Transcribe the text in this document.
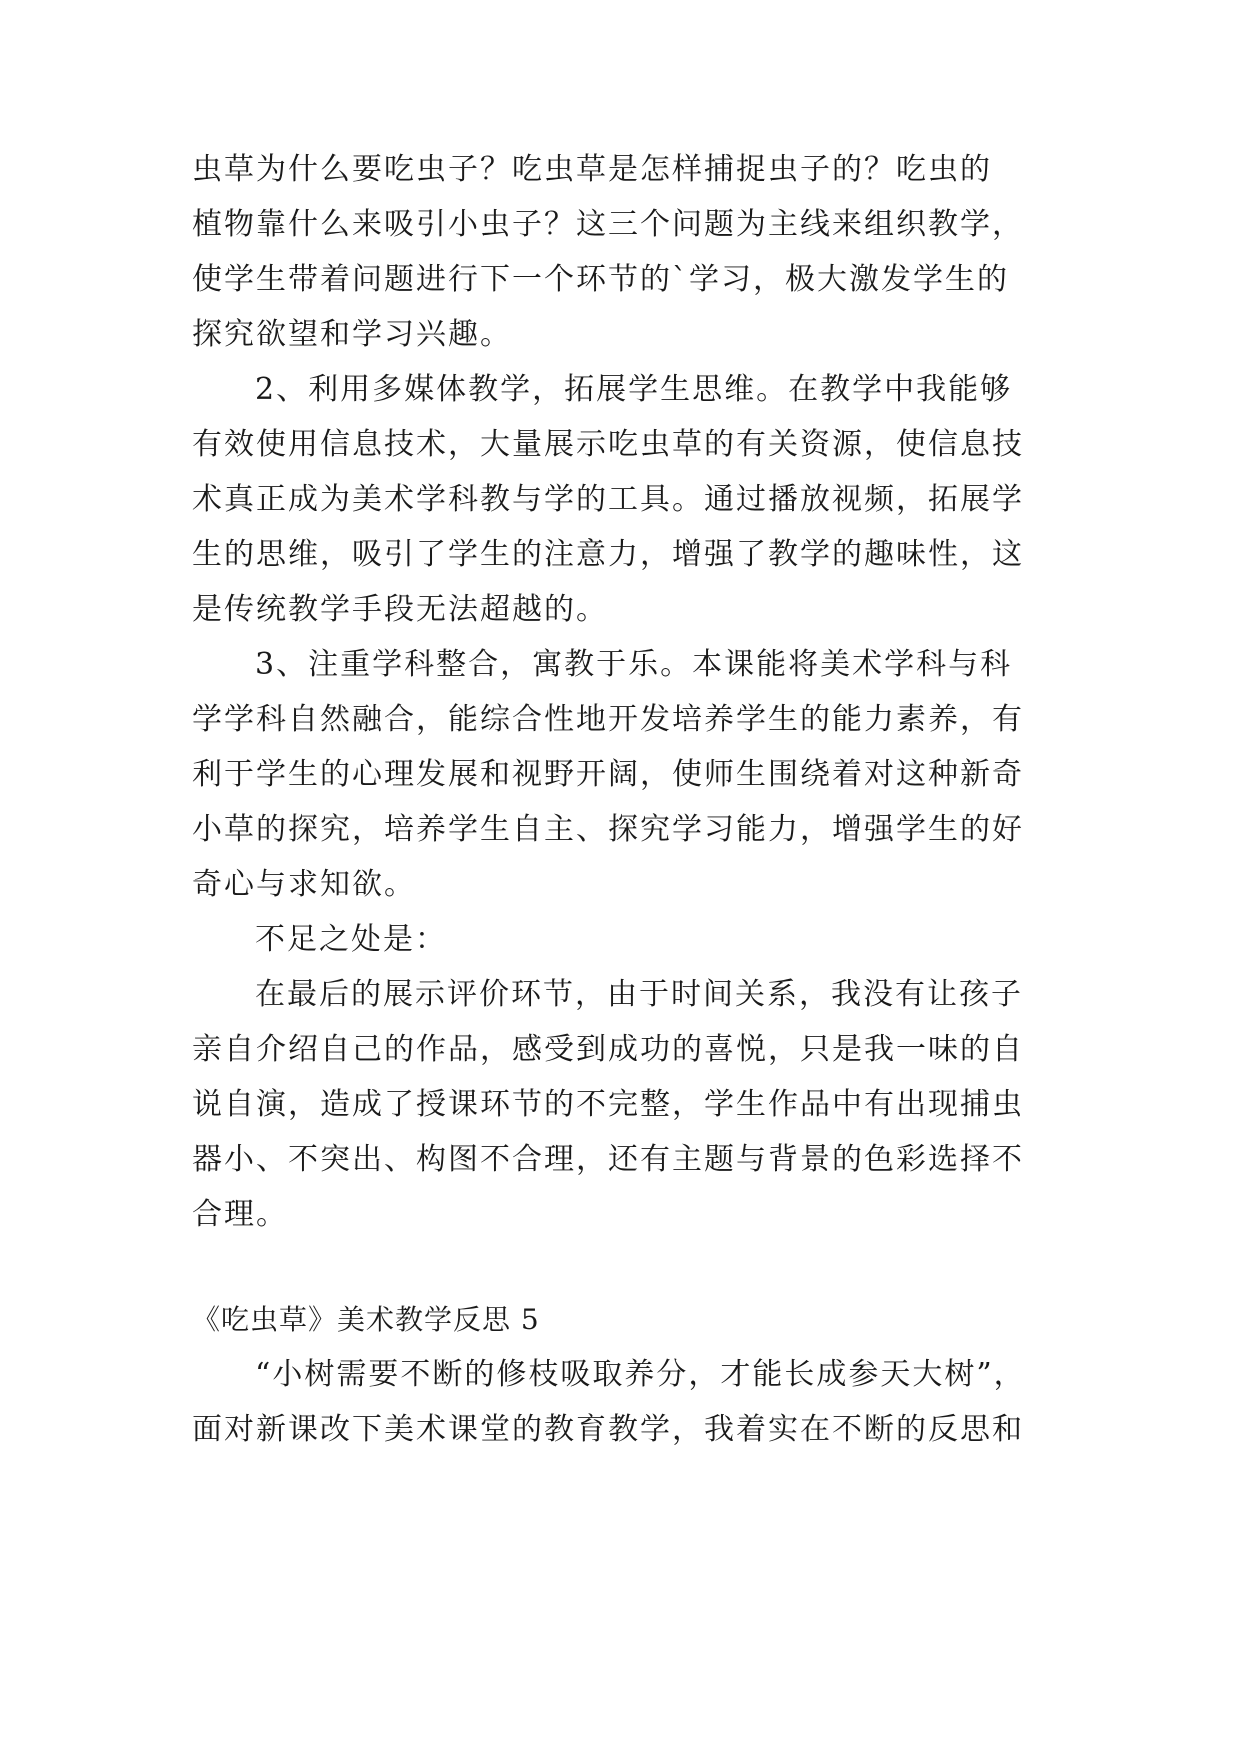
虫草为什么要吃虫子？吃虫草是怎样捕捉虫子的？吃虫的
植物靠什么来吸引小虫子？这三个问题为主线来组织教学，
使学生带着问题进行下一个环节的`学习，极大激发学生的
探究欲望和学习兴趣。
2、利用多媒体教学，拓展学生思维。在教学中我能够
有效使用信息技术，大量展示吃虫草的有关资源，使信息技
术真正成为美术学科教与学的工具。通过播放视频，拓展学
生的思维，吸引了学生的注意力，增强了教学的趣味性，这
是传统教学手段无法超越的。
3、注重学科整合，寓教于乐。本课能将美术学科与科
学学科自然融合，能综合性地开发培养学生的能力素养，有
利于学生的心理发展和视野开阔，使师生围绕着对这种新奇
小草的探究，培养学生自主、探究学习能力，增强学生的好
奇心与求知欲。
不足之处是：
在最后的展示评价环节，由于时间关系，我没有让孩子
亲自介绍自己的作品，感受到成功的喜悦，只是我一味的自
说自演，造成了授课环节的不完整，学生作品中有出现捕虫
器小、不突出、构图不合理，还有主题与背景的色彩选择不
合理。
《吃虫草》美术教学反思 5
“小树需要不断的修枝吸取养分，才能长成参天大树”，
面对新课改下美术课堂的教育教学，我着实在不断的反思和
